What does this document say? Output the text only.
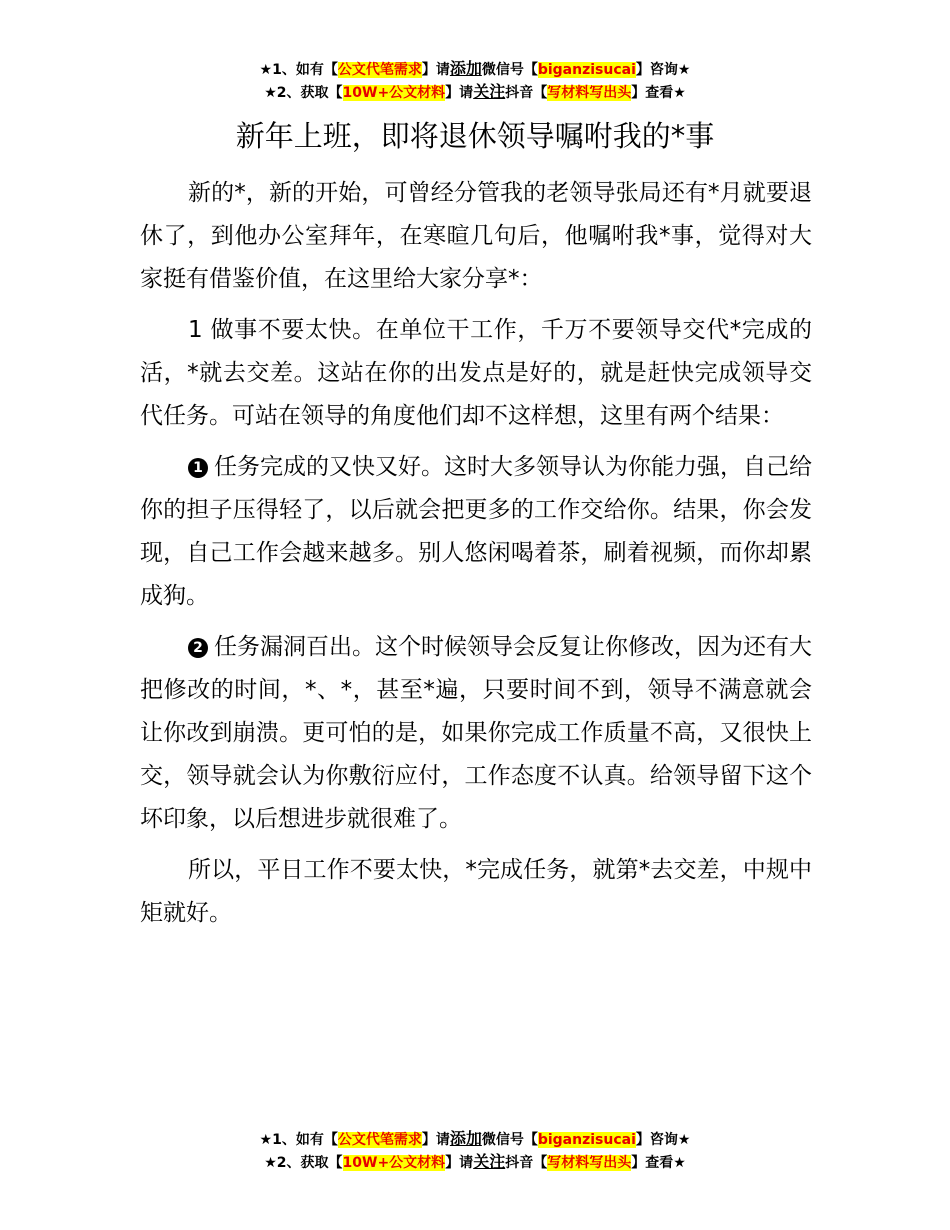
★1、如有【公文代笔需求】请添加微信号【biganzisucai】咨询★
★2、获取【10W+公文材料】请关注抖音【写材料写出头】查看★
新年上班，即将退休领导嘱咐我的*事

新的*，新的开始，可曾经分管我的老领导张局还有*月就要退休了，到他办公室拜年，在寒暄几句后，他嘱咐我*事，觉得对大家挺有借鉴价值，在这里给大家分享*：

1 做事不要太快。在单位干工作，千万不要领导交代*完成的活，*就去交差。这站在你的出发点是好的，就是赶快完成领导交代任务。可站在领导的角度他们却不这样想，这里有两个结果：

1 任务完成的又快又好。这时大多领导认为你能力强，自己给你的担子压得轻了，以后就会把更多的工作交给你。结果，你会发现，自己工作会越来越多。别人悠闲喝着茶，刷着视频，而你却累成狗。

2 任务漏洞百出。这个时候领导会反复让你修改，因为还有大把修改的时间，*、*，甚至*遍，只要时间不到，领导不满意就会让你改到崩溃。更可怕的是，如果你完成工作质量不高，又很快上交，领导就会认为你敷衍应付，工作态度不认真。给领导留下这个坏印象，以后想进步就很难了。

所以，平日工作不要太快，*完成任务，就第*去交差，中规中矩就好。

★1、如有【公文代笔需求】请添加微信号【biganzisucai】咨询★
★2、获取【10W+公文材料】请关注抖音【写材料写出头】查看★
